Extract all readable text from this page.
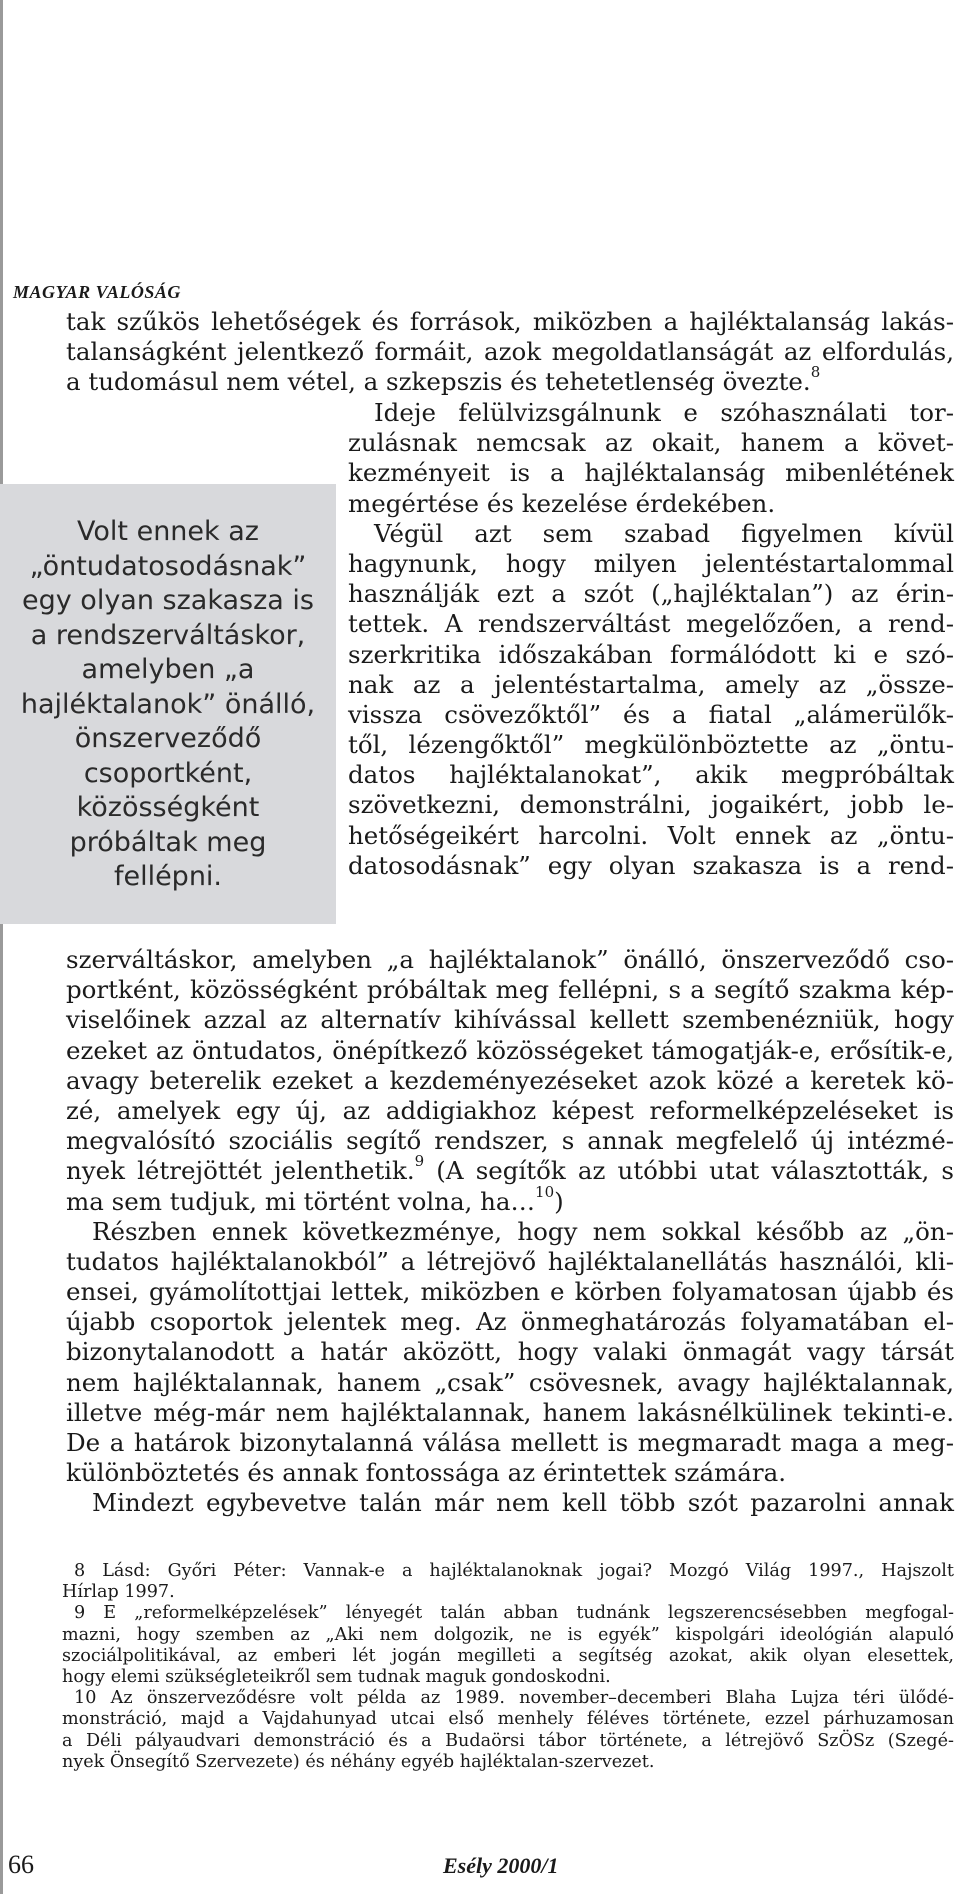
MAGYAR VALÓSÁG
tak szűkös lehetőségek és források, miközben a hajléktalanság lakás-
talanságként jelentkező formáit, azok megoldatlanságát az elfordulás,
a tudomásul nem vétel, a szkepszis és tehetetlenség övezte.$^8$
Volt ennek az
„öntudatosodásnak”
egy olyan szakasza is
a rendszerváltáskor,
amelyben „a
hajléktalanok” önálló,
önszerveződő
csoportként,
közösségként
próbáltak meg
fellépni.
Ideje felülvizsgálnunk e szóhasználati tor-
zulásnak nemcsak az okait, hanem a követ-
kezményeit is a hajléktalanság mibenlétének
megértése és kezelése érdekében.
Végül azt sem szabad figyelmen kívül
hagynunk, hogy milyen jelentéstartalommal
használják ezt a szót („hajléktalan”) az érin-
tettek. A rendszerváltást megelőzően, a rend-
szerkritika időszakában formálódott ki e szó-
nak az a jelentéstartalma, amely az „össze-
vissza csövezőktől” és a fiatal „alámerülők-
től, lézengőktől” megkülönböztette az „öntu-
datos hajléktalanokat”, akik megpróbáltak
szövetkezni, demonstrálni, jogaikért, jobb le-
hetőségeikért harcolni. Volt ennek az „öntu-
datosodásnak” egy olyan szakasza is a rend-
szerváltáskor, amelyben „a hajléktalanok” önálló, önszerveződő cso-
portként, közösségként próbáltak meg fellépni, s a segítő szakma kép-
viselőinek azzal az alternatív kihívással kellett szembenézniük, hogy
ezeket az öntudatos, önépítkező közösségeket támogatják-e, erősítik-e,
avagy beterelik ezeket a kezdeményezéseket azok közé a keretek kö-
zé, amelyek egy új, az addigiakhoz képest reformelképzeléseket is
megvalósító szociális segítő rendszer, s annak megfelelő új intézmé-
nyek létrejöttét jelenthetik.$^9$ (A segítők az utóbbi utat választották, s
ma sem tudjuk, mi történt volna, ha…$^{10}$)
Részben ennek következménye, hogy nem sokkal később az „ön-
tudatos hajléktalanokból” a létrejövő hajléktalanellátás használói, kli-
ensei, gyámolítottjai lettek, miközben e körben folyamatosan újabb és
újabb csoportok jelentek meg. Az önmeghatározás folyamatában el-
bizonytalanodott a határ aközött, hogy valaki önmagát vagy társát
nem hajléktalannak, hanem „csak” csövesnek, avagy hajléktalannak,
illetve még-már nem hajléktalannak, hanem lakásnélkülinek tekinti-e.
De a határok bizonytalanná válása mellett is megmaradt maga a meg-
különböztetés és annak fontossága az érintettek számára.
Mindezt egybevetve talán már nem kell több szót pazarolni annak
8 Lásd: Győri Péter: Vannak-e a hajléktalanoknak jogai? Mozgó Világ 1997., Hajszolt
Hírlap 1997.
9 E „reformelképzelések” lényegét talán abban tudnánk legszerencsésebben megfogal-
mazni, hogy szemben az „Aki nem dolgozik, ne is egyék” kispolgári ideológián alapuló
szociálpolitikával, az emberi lét jogán megilleti a segítség azokat, akik olyan elesettek,
hogy elemi szükségleteikről sem tudnak maguk gondoskodni.
10 Az önszerveződésre volt példa az 1989. november–decemberi Blaha Lujza téri ülődé-
monstráció, majd a Vajdahunyad utcai első menhely féléves története, ezzel párhuzamosan
a Déli pályaudvari demonstráció és a Budaörsi tábor története, a létrejövő SzÖSz (Szegé-
nyek Önsegítő Szervezete) és néhány egyéb hajléktalan-szervezet.
66	Esély 2000/1
